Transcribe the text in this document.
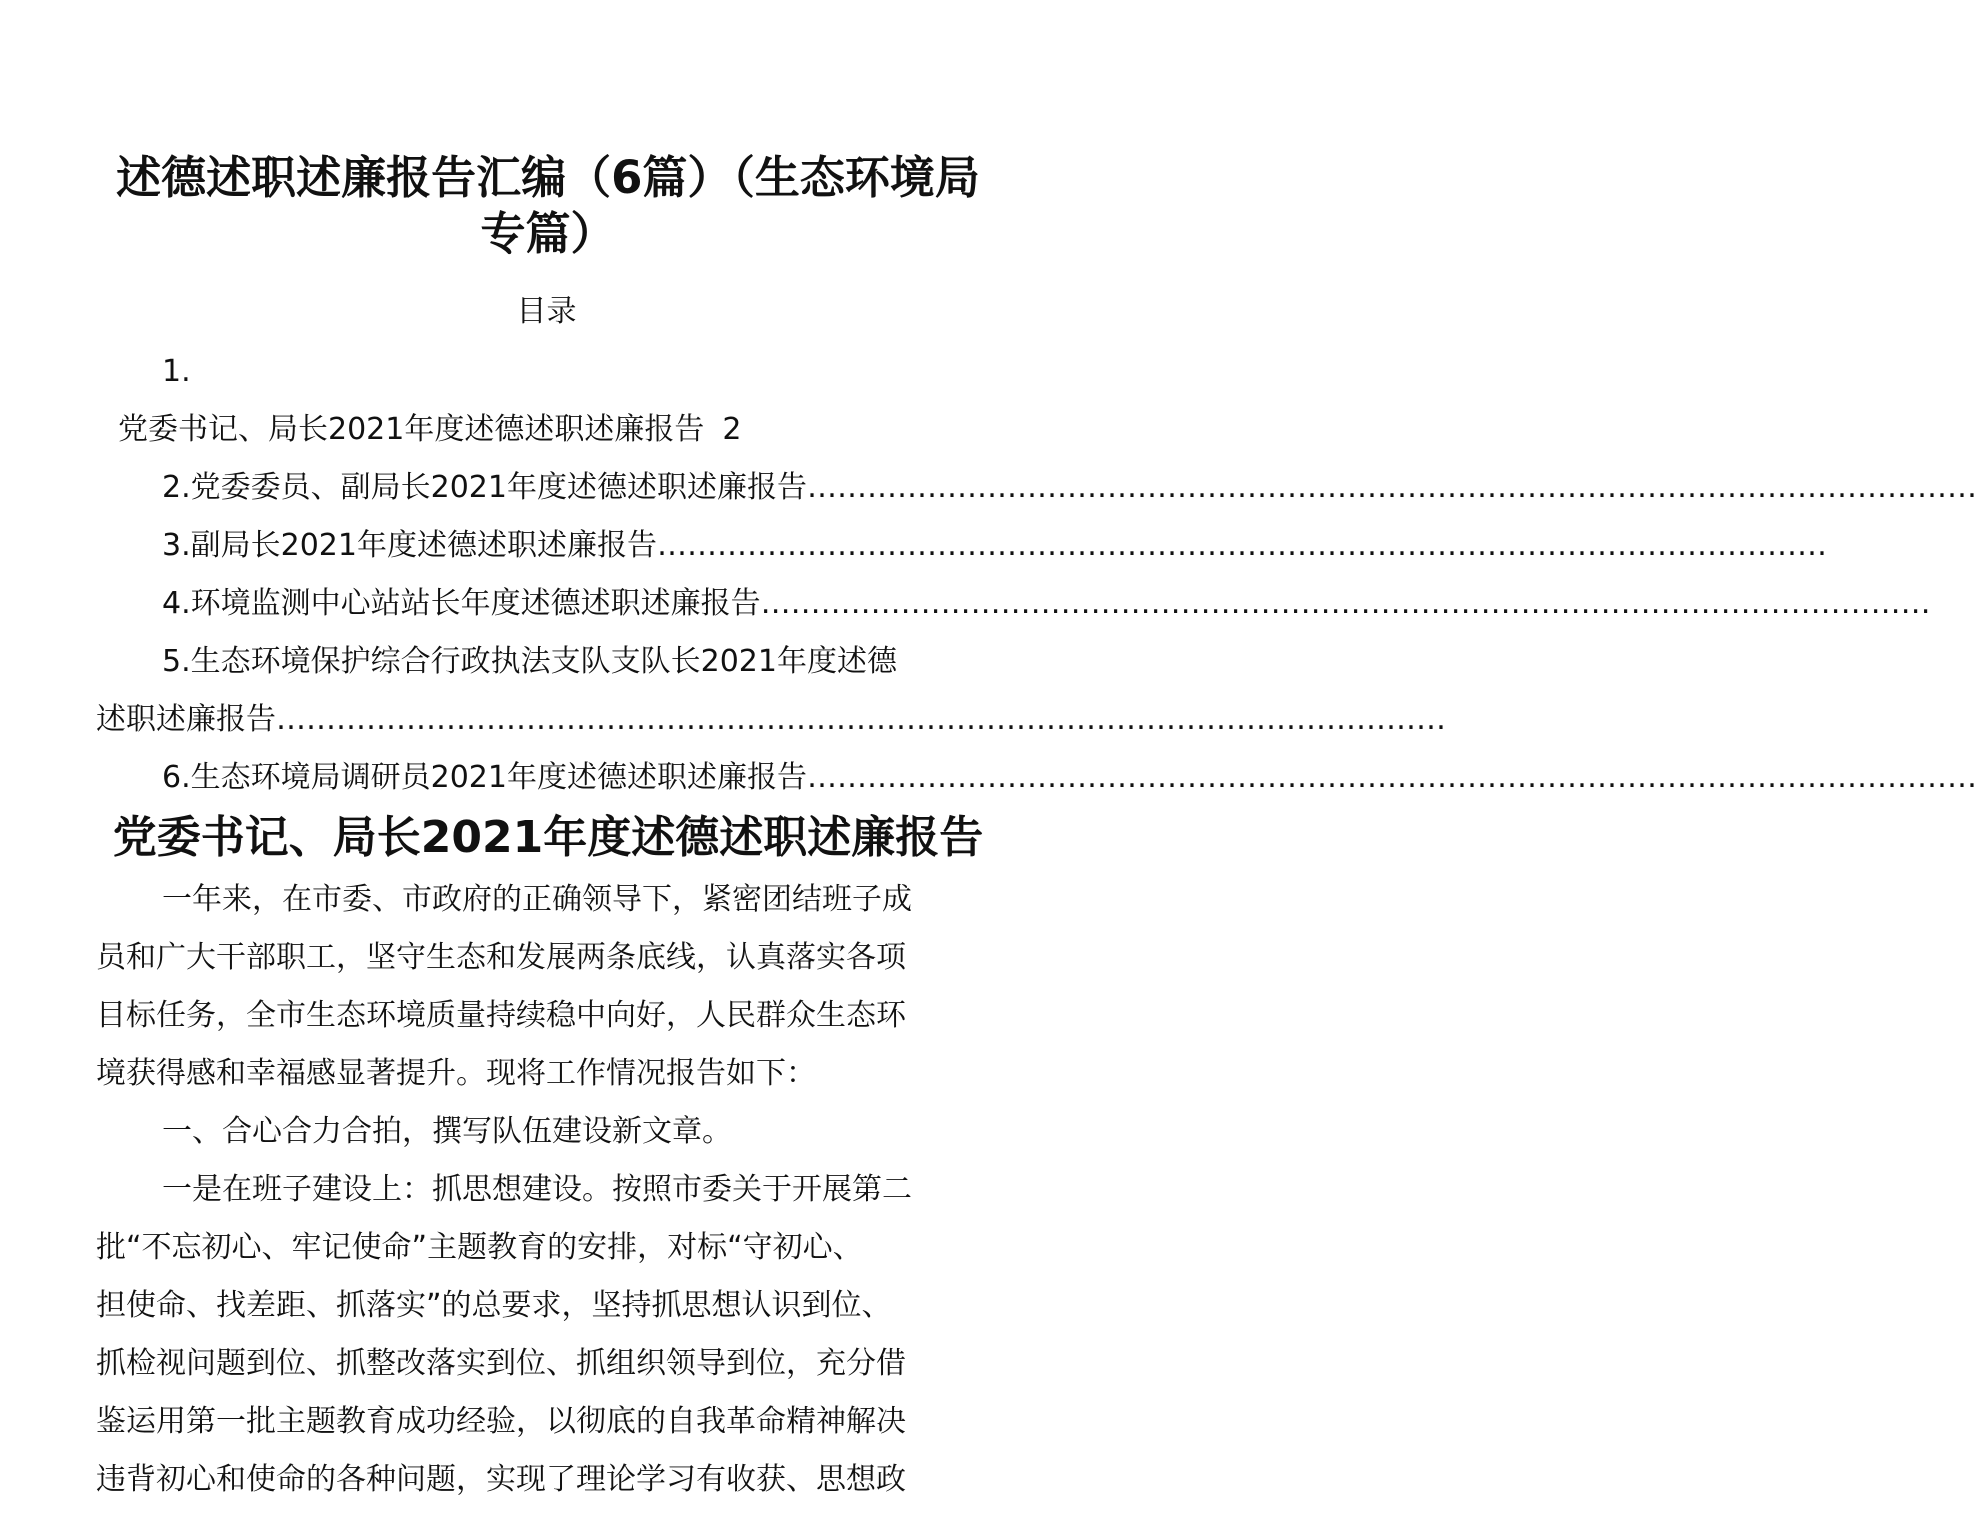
述德述职述廉报告汇编（6篇）（生态环境局
专篇）
目录
1.
党委书记、局长2021年度述德述职述廉报告 2
2.党委委员、副局长2021年度述德述职述廉报告………………………………………………………………………………………………………
3.副局长2021年度述德述职述廉报告………………………………………………………………………………………………………
4.环境监测中心站站长年度述德述职述廉报告………………………………………………………………………………………………………
5.生态环境保护综合行政执法支队支队长2021年度述德
述职述廉报告………………………………………………………………………………………………………
6.生态环境局调研员2021年度述德述职述廉报告………………………………………………………………………………………………………
党委书记、局长2021年度述德述职述廉报告
一年来，在市委、市政府的正确领导下，紧密团结班子成
员和广大干部职工，坚守生态和发展两条底线，认真落实各项
目标任务，全市生态环境质量持续稳中向好，人民群众生态环
境获得感和幸福感显著提升。现将工作情况报告如下：
一、合心合力合拍，撰写队伍建设新文章。
一是在班子建设上：抓思想建设。按照市委关于开展第二
批“不忘初心、牢记使命”主题教育的安排，对标“守初心、
担使命、找差距、抓落实”的总要求，坚持抓思想认识到位、
抓检视问题到位、抓整改落实到位、抓组织领导到位，充分借
鉴运用第一批主题教育成功经验，以彻底的自我革命精神解决
违背初心和使命的各种问题，实现了理论学习有收获、思想政
